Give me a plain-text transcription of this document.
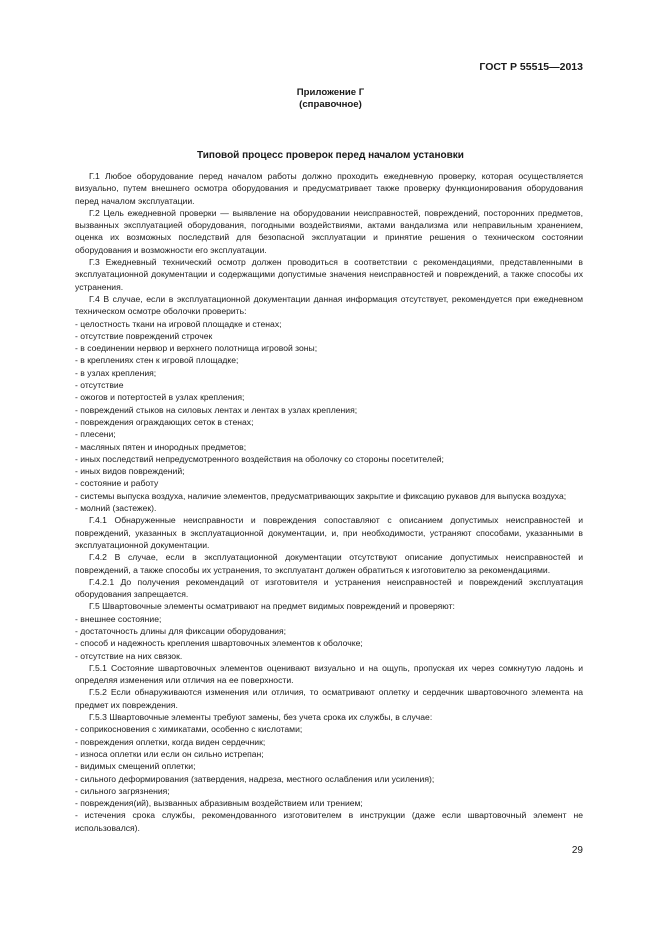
ГОСТ Р 55515—2013
Приложение Г
(справочное)
Типовой процесс проверок перед началом установки
Г.1 Любое оборудование перед началом работы должно проходить ежедневную проверку, которая осуществляется визуально, путем внешнего осмотра оборудования и предусматривает также проверку функционирования оборудования перед началом эксплуатации.
Г.2 Цель ежедневной проверки — выявление на оборудовании неисправностей, повреждений, посторонних предметов, вызванных эксплуатацией оборудования, погодными воздействиями, актами вандализма или неправильным хранением, оценка их возможных последствий для безопасной эксплуатации и принятие решения о техническом состоянии оборудования и возможности его эксплуатации.
Г.3 Ежедневный технический осмотр должен проводиться в соответствии с рекомендациями, представленными в эксплуатационной документации и содержащими допустимые значения неисправностей и повреждений, а также способы их устранения.
Г.4 В случае, если в эксплуатационной документации данная информация отсутствует, рекомендуется при ежедневном техническом осмотре оболочки проверить:
- целостность ткани на игровой площадке и стенах;
- отсутствие повреждений строчек
- в соединении нервюр и верхнего полотнища игровой зоны;
- в креплениях стен к игровой площадке;
- в узлах крепления;
- отсутствие
- ожогов и потертостей в узлах крепления;
- повреждений стыков на силовых лентах и лентах в узлах крепления;
- повреждения ограждающих сеток в стенах;
- плесени;
- масляных пятен и инородных предметов;
- иных последствий непредусмотренного воздействия на оболочку со стороны посетителей;
- иных видов повреждений;
- состояние и работу
- системы выпуска воздуха, наличие элементов, предусматривающих закрытие и фиксацию рукавов для выпуска воздуха;
- молний (застежек).
Г.4.1 Обнаруженные неисправности и повреждения сопоставляют с описанием допустимых неисправностей и повреждений, указанных в эксплуатационной документации, и, при необходимости, устраняют способами, указанными в эксплуатационной документации.
Г.4.2 В случае, если в эксплуатационной документации отсутствуют описание допустимых неисправностей и повреждений, а также способы их устранения, то эксплуатант должен обратиться к изготовителю за рекомендациями.
Г.4.2.1 До получения рекомендаций от изготовителя и устранения неисправностей и повреждений эксплуатация оборудования запрещается.
Г.5 Швартовочные элементы осматривают на предмет видимых повреждений и проверяют:
- внешнее состояние;
- достаточность длины для фиксации оборудования;
- способ и надежность крепления швартовочных элементов к оболочке;
- отсутствие на них связок.
Г.5.1 Состояние швартовочных элементов оценивают визуально и на ощупь, пропуская их через сомкнутую ладонь и определяя изменения или отличия на ее поверхности.
Г.5.2 Если обнаруживаются изменения или отличия, то осматривают оплетку и сердечник швартовочного элемента на предмет их повреждения.
Г.5.3 Швартовочные элементы требуют замены, без учета срока их службы, в случае:
- соприкосновения с химикатами, особенно с кислотами;
- повреждения оплетки, когда виден сердечник;
- износа оплетки или если он сильно истрепан;
- видимых смещений оплетки;
- сильного деформирования (затвердения, надреза, местного ослабления или усиления);
- сильного загрязнения;
- повреждения(ий), вызванных абразивным воздействием или трением;
- истечения срока службы, рекомендованного изготовителем в инструкции (даже если швартовочный элемент не использовался).
29
